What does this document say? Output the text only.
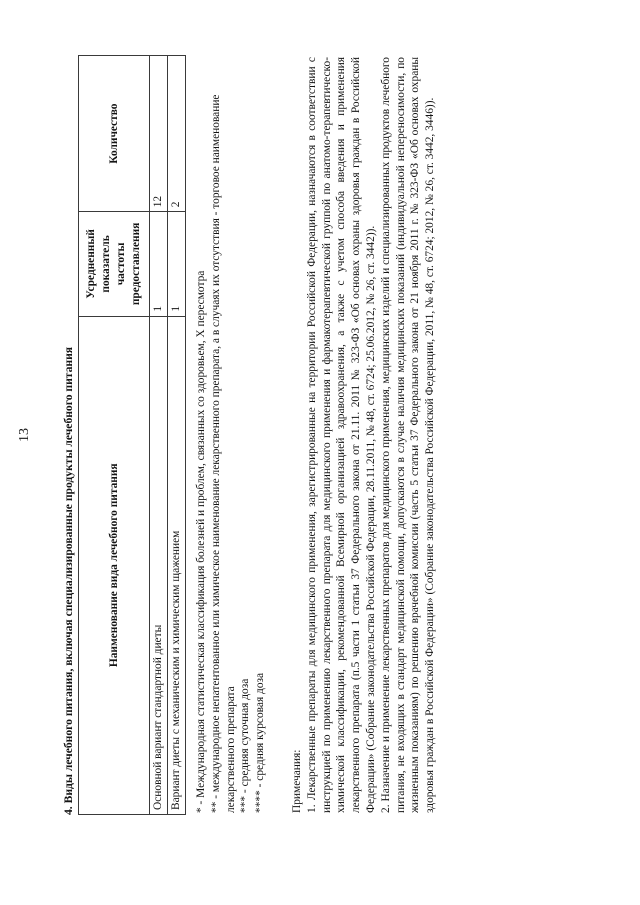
13	4. Виды лечебного питания, включая специализированные продукты лечебного питания	Наименование вида лечебного питания	Усредненный показатель частоты предоставления	Количество
Основной вариант стандартной диеты	1	12
Вариант диеты с механическим и химическим щажением	1	2

* - Международная статистическая классификация болезней и проблем, связанных со здоровьем, X пересмотра ** - международное непатентованное или химическое наименование лекарственного препарата, а в случаях их отсутствия - торговое наименование лекарственного препарата *** - средняя суточная доза **** - средняя курсовая доза Примечания: 1. Лекарственные препараты для медицинского применения, зарегистрированные на территории Российской Федерации, назначаются в соответствии с инструкцией по применению лекарственного препарата для медицинского применения и фармакотерапевтической группой по анатомо-терапевтическо-химической классификации, рекомендованной Всемирной организацией здравоохранения, а также с учетом способа введения и применения лекарственного препарата (п.5 части 1 статьи 37 Федерального закона от 21.11. 2011 № 323-ФЗ «Об основах охраны здоровья граждан в Российской Федерации» (Собрание законодательства Российской Федерации, 28.11.2011, № 48, ст. 6724; 25.06.2012, № 26, ст. 3442)). 2. Назначение и применение лекарственных препаратов для медицинского применения, медицинских изделий и специализированных продуктов лечебного питания, не входящих в стандарт медицинской помощи, допускаются в случае наличия медицинских показаний (индивидуальной непереносимости, по жизненным показаниям) по решению врачебной комиссии (часть 5 статьи 37 Федерального закона от 21 ноября 2011 г. № 323-ФЗ «Об основах охраны здоровья граждан в Российской Федерации» (Собрание законодательства Российской Федерации, 2011, № 48, ст. 6724; 2012, № 26, ст. 3442, 3446)).
